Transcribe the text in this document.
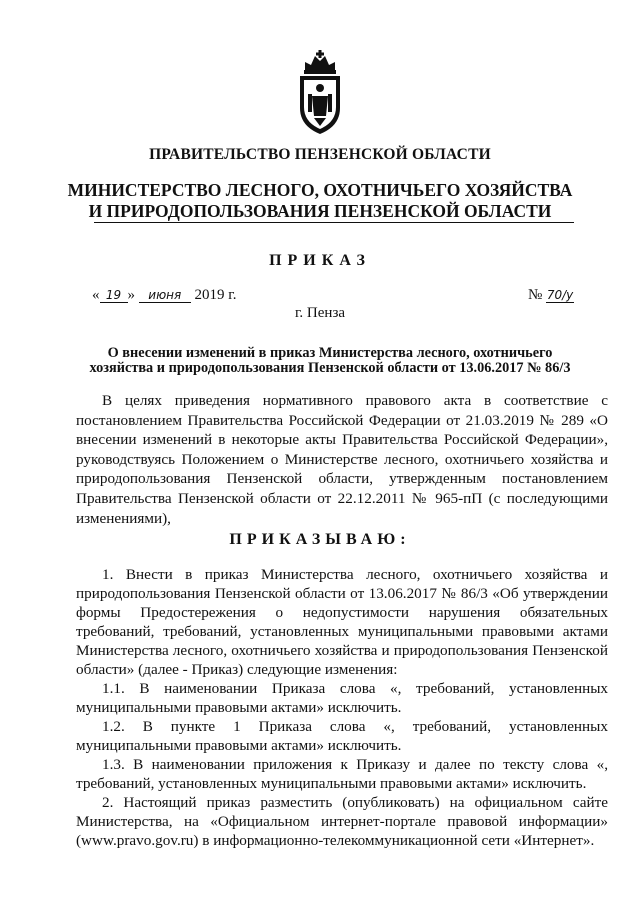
ПРАВИТЕЛЬСТВО ПЕНЗЕНСКОЙ ОБЛАСТИ
МИНИСТЕРСТВО ЛЕСНОГО, ОХОТНИЧЬЕГО ХОЗЯЙСТВА
И ПРИРОДОПОЛЬЗОВАНИЯ ПЕНЗЕНСКОЙ ОБЛАСТИ
ПРИКАЗ
« 19 » июня 2019 г.	№ 70/у
г. Пенза
О внесении изменений в приказ Министерства лесного, охотничьего
хозяйства и природопользования Пензенской области от 13.06.2017 № 86/3

В целях приведения нормативного правового акта в соответствие с постановлением Правительства Российской Федерации от 21.03.2019 № 289 «О внесении изменений в некоторые акты Правительства Российской Федерации», руководствуясь Положением о Министерстве лесного, охотничьего хозяйства и природопользования Пензенской области, утвержденным постановлением Правительства Пензенской области от 22.12.2011 № 965-пП (с последующими изменениями),

ПРИКАЗЫВАЮ:

1. Внести в приказ Министерства лесного, охотничьего хозяйства и природопользования Пензенской области от 13.06.2017 № 86/3 «Об утверждении формы Предостережения о недопустимости нарушения обязательных требований, требований, установленных муниципальными правовыми актами Министерства лесного, охотничьего хозяйства и природопользования Пензенской области» (далее - Приказ) следующие изменения:

1.1. В наименовании Приказа слова «, требований, установленных муниципальными правовыми актами» исключить.

1.2. В пункте 1 Приказа слова «, требований, установленных муниципальными правовыми актами» исключить.

1.3. В наименовании приложения к Приказу и далее по тексту слова «, требований, установленных муниципальными правовыми актами» исключить.

2. Настоящий приказ разместить (опубликовать) на официальном сайте Министерства, на «Официальном интернет-портале правовой информации» (www.pravo.gov.ru) в информационно-телекоммуникационной сети «Интернет».
